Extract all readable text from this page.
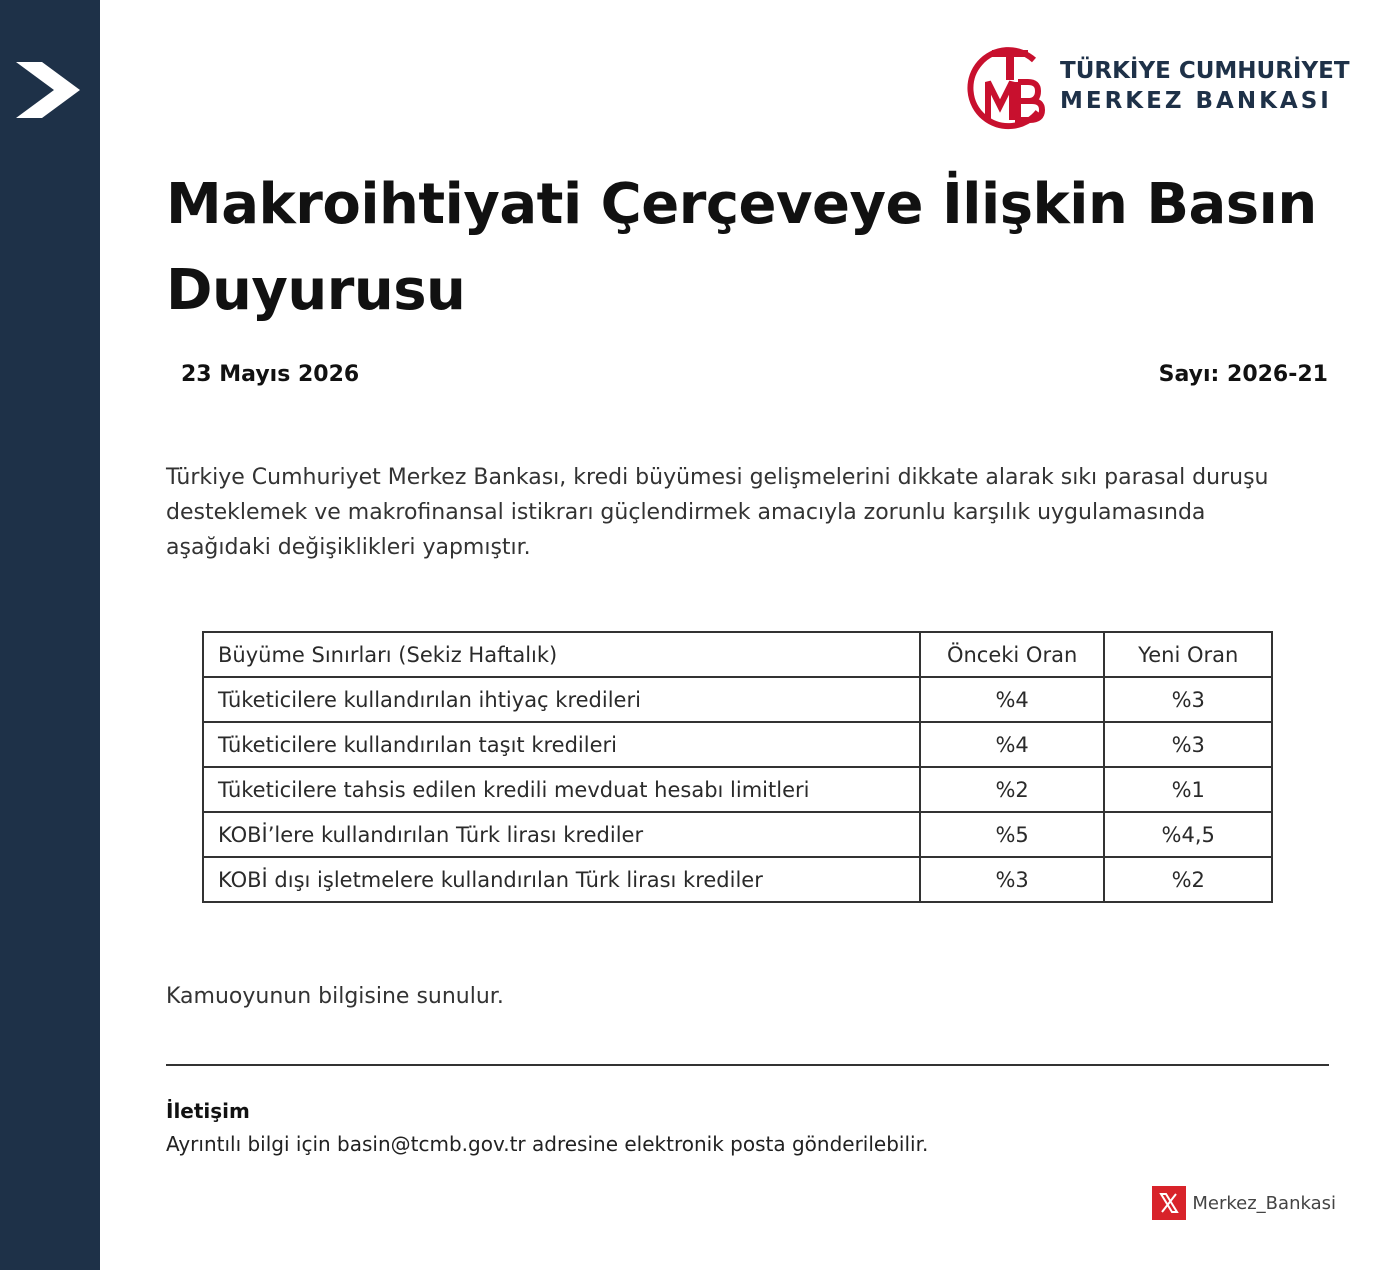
TÜRKİYE CUMHURİYET
MERKEZ BANKASI
Makroihtiyati Çerçeveye İlişkin Basın Duyurusu
23 Mayıs 2026	Sayı: 2026-21

Türkiye Cumhuriyet Merkez Bankası, kredi büyümesi gelişmelerini dikkate alarak sıkı parasal duruşu desteklemek ve makrofinansal istikrarı güçlendirmek amacıyla zorunlu karşılık uygulamasında aşağıdaki değişiklikleri yapmıştır.

Büyüme Sınırları (Sekiz Haftalık)	Önceki Oran	Yeni Oran
Tüketicilere kullandırılan ihtiyaç kredileri	%4	%3
Tüketicilere kullandırılan taşıt kredileri	%4	%3
Tüketicilere tahsis edilen kredili mevduat hesabı limitleri	%2	%1
KOBİ’lere kullandırılan Türk lirası krediler	%5	%4,5
KOBİ dışı işletmelere kullandırılan Türk lirası krediler	%3	%2
Kamuoyunun bilgisine sunulur.
İletişim
Ayrıntılı bilgi için basin@tcmb.gov.tr adresine elektronik posta gönderilebilir.
Merkez_Bankasi
